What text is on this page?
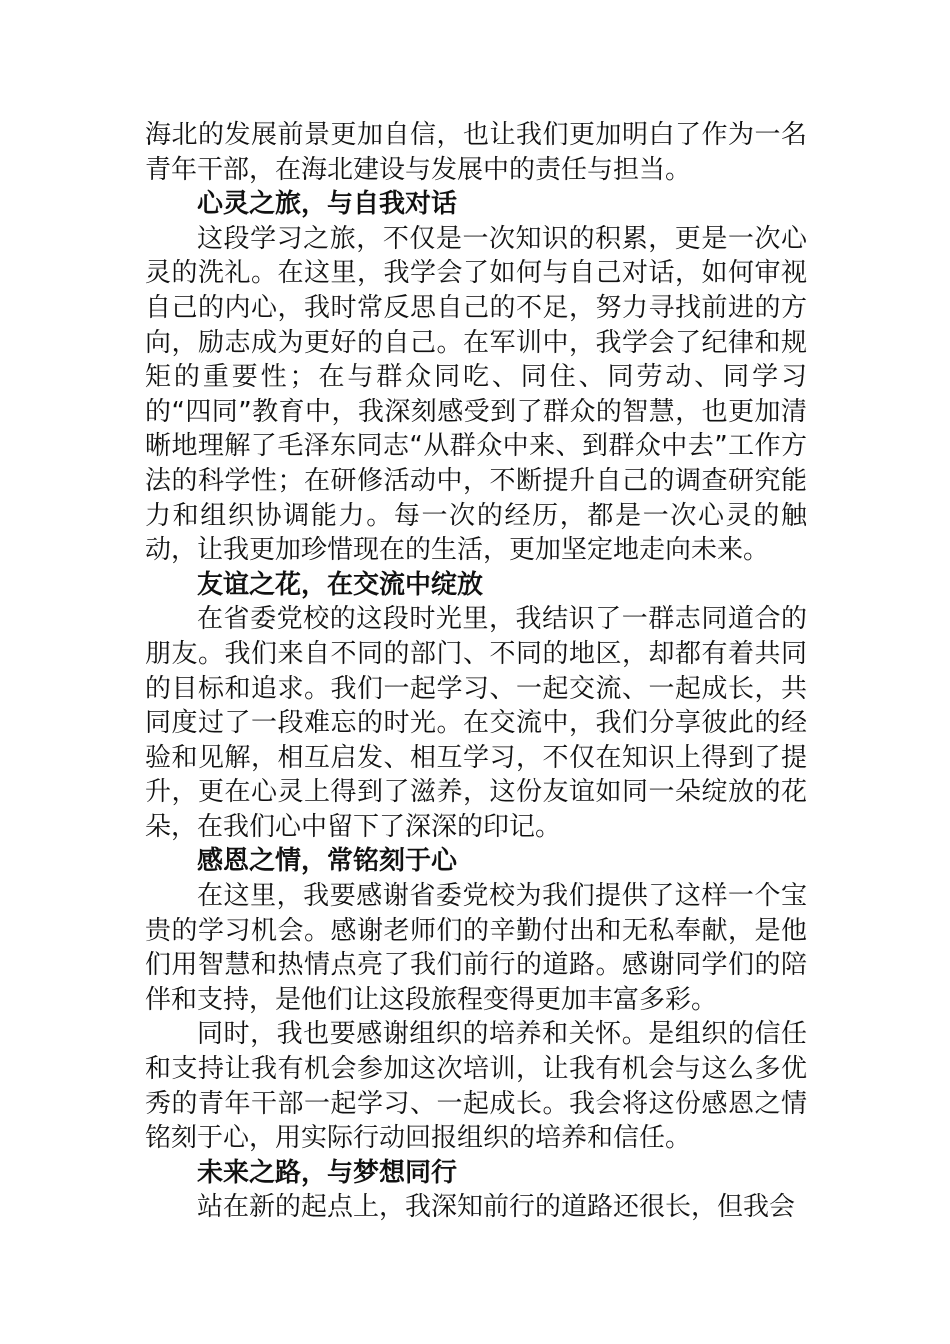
海北的发展前景更加自信，也让我们更加明白了作为一名青年干部，在海北建设与发展中的责任与担当。

心灵之旅，与自我对话

这段学习之旅，不仅是一次知识的积累，更是一次心灵的洗礼。在这里，我学会了如何与自己对话，如何审视自己的内心，我时常反思自己的不足，努力寻找前进的方向，励志成为更好的自己。在军训中，我学会了纪律和规矩的重要性；在与群众同吃、同住、同劳动、同学习的“四同”教育中，我深刻感受到了群众的智慧，也更加清晰地理解了毛泽东同志“从群众中来、到群众中去”工作方法的科学性；在研修活动中，不断提升自己的调查研究能力和组织协调能力。每一次的经历，都是一次心灵的触动，让我更加珍惜现在的生活，更加坚定地走向未来。

友谊之花，在交流中绽放

在省委党校的这段时光里，我结识了一群志同道合的朋友。我们来自不同的部门、不同的地区，却都有着共同的目标和追求。我们一起学习、一起交流、一起成长，共同度过了一段难忘的时光。在交流中，我们分享彼此的经验和见解，相互启发、相互学习，不仅在知识上得到了提升，更在心灵上得到了滋养，这份友谊如同一朵绽放的花朵，在我们心中留下了深深的印记。

感恩之情，常铭刻于心

在这里，我要感谢省委党校为我们提供了这样一个宝贵的学习机会。感谢老师们的辛勤付出和无私奉献，是他们用智慧和热情点亮了我们前行的道路。感谢同学们的陪伴和支持，是他们让这段旅程变得更加丰富多彩。

同时，我也要感谢组织的培养和关怀。是组织的信任和支持让我有机会参加这次培训，让我有机会与这么多优秀的青年干部一起学习、一起成长。我会将这份感恩之情铭刻于心，用实际行动回报组织的培养和信任。

未来之路，与梦想同行

站在新的起点上，我深知前行的道路还很长，但我会
